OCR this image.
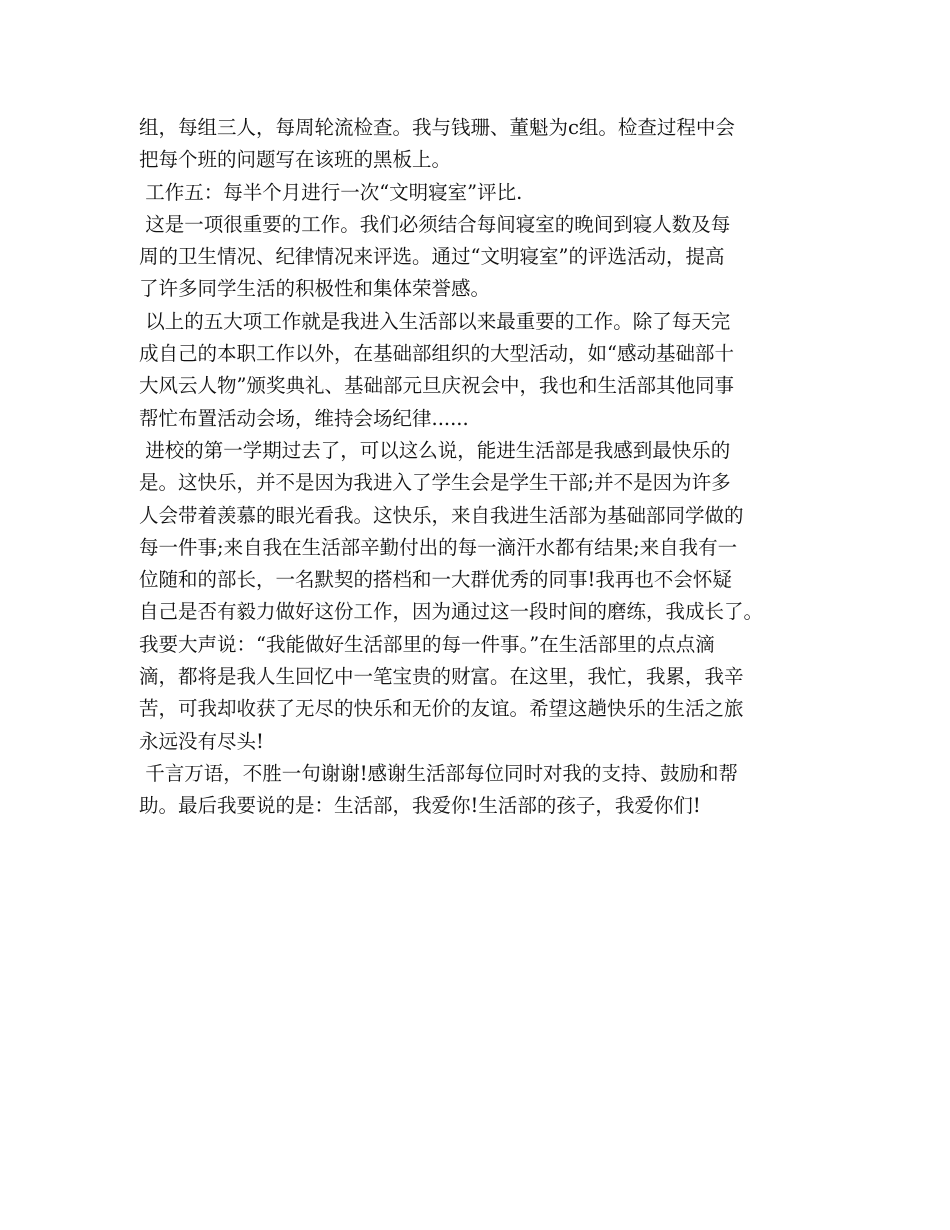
组，每组三人，每周轮流检查。我与钱珊、董魁为c组。检查过程中会
把每个班的问题写在该班的黑板上。
工作五：每半个月进行一次“文明寝室”评比.
这是一项很重要的工作。我们必须结合每间寝室的晚间到寝人数及每
周的卫生情况、纪律情况来评选。通过“文明寝室”的评选活动，提高
了许多同学生活的积极性和集体荣誉感。
以上的五大项工作就是我进入生活部以来最重要的工作。除了每天完
成自己的本职工作以外，在基础部组织的大型活动，如“感动基础部十
大风云人物”颁奖典礼、基础部元旦庆祝会中，我也和生活部其他同事
帮忙布置活动会场，维持会场纪律......
进校的第一学期过去了，可以这么说，能进生活部是我感到最快乐的
是。这快乐，并不是因为我进入了学生会是学生干部;并不是因为许多
人会带着羡慕的眼光看我。这快乐，来自我进生活部为基础部同学做的
每一件事;来自我在生活部辛勤付出的每一滴汗水都有结果;来自我有一
位随和的部长，一名默契的搭档和一大群优秀的同事!我再也不会怀疑
自己是否有毅力做好这份工作，因为通过这一段时间的磨练，我成长了。
我要大声说：“我能做好生活部里的每一件事。”在生活部里的点点滴
滴，都将是我人生回忆中一笔宝贵的财富。在这里，我忙，我累，我辛
苦，可我却收获了无尽的快乐和无价的友谊。希望这趟快乐的生活之旅
永远没有尽头!
千言万语，不胜一句谢谢!感谢生活部每位同时对我的支持、鼓励和帮
助。最后我要说的是：生活部，我爱你!生活部的孩子，我爱你们!
